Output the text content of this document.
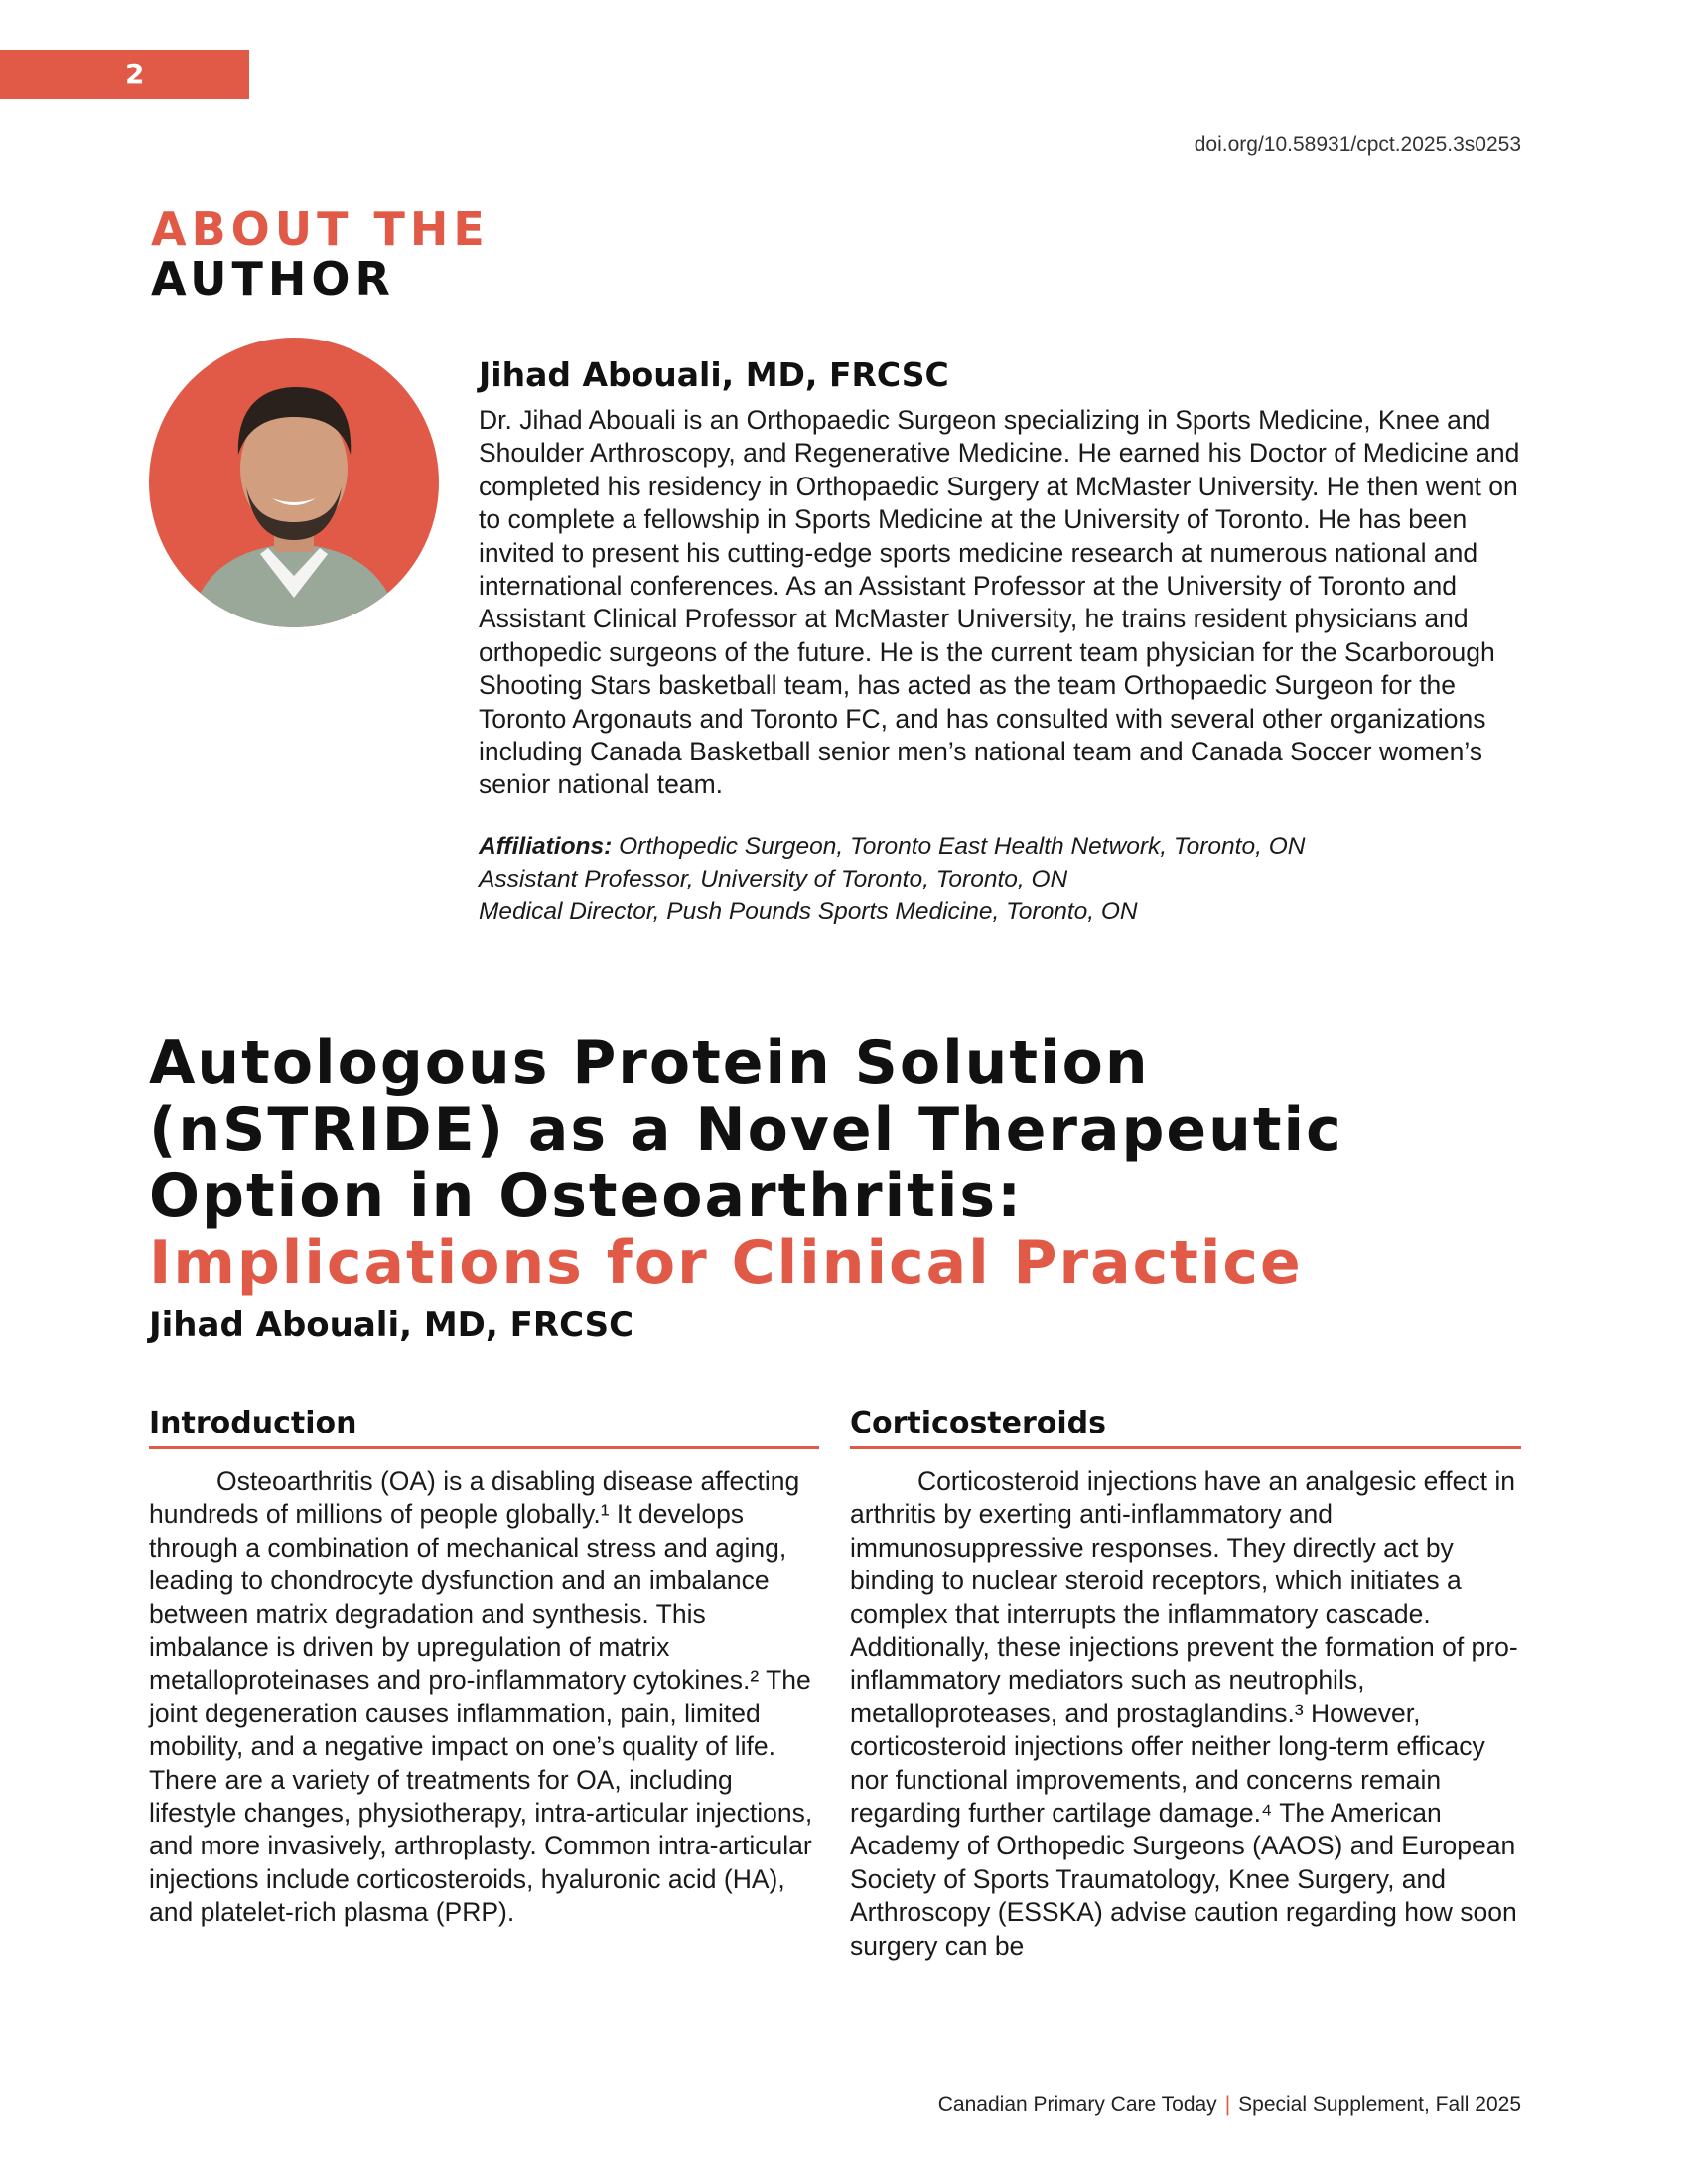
2
doi.org/10.58931/cpct.2025.3s0253
ABOUT THE
AUTHOR
Jihad Abouali, MD, FRCSC

Dr. Jihad Abouali is an Orthopaedic Surgeon specializing in Sports Medicine, Knee and Shoulder Arthroscopy, and Regenerative Medicine. He earned his Doctor of Medicine and completed his residency in Orthopaedic Surgery at McMaster University. He then went on to complete a fellowship in Sports Medicine at the University of Toronto. He has been invited to present his cutting-edge sports medicine research at numerous national and international conferences. As an Assistant Professor at the University of Toronto and Assistant Clinical Professor at McMaster University, he trains resident physicians and orthopedic surgeons of the future. He is the current team physician for the Scarborough Shooting Stars basketball team, has acted as the team Orthopaedic Surgeon for the Toronto Argonauts and Toronto FC, and has consulted with several other organizations including Canada Basketball senior men’s national team and Canada Soccer women’s senior national team.

Affiliations: Orthopedic Surgeon, Toronto East Health Network, Toronto, ON
Assistant Professor, University of Toronto, Toronto, ON
Medical Director, Push Pounds Sports Medicine, Toronto, ON
Autologous Protein Solution
(nSTRIDE) as a Novel Therapeutic
Option in Osteoarthritis:
Implications for Clinical Practice
Jihad Abouali, MD, FRCSC
Introduction

Osteoarthritis (OA) is a disabling disease affecting hundreds of millions of people globally.¹ It develops through a combination of mechanical stress and aging, leading to chondrocyte dysfunction and an imbalance between matrix degradation and synthesis. This imbalance is driven by upregulation of matrix metalloproteinases and pro-inflammatory cytokines.² The joint degeneration causes inflammation, pain, limited mobility, and a negative impact on one’s quality of life. There are a variety of treatments for OA, including lifestyle changes, physiotherapy, intra-articular injections, and more invasively, arthroplasty. Common intra-articular injections include corticosteroids, hyaluronic acid (HA), and platelet-rich plasma (PRP).

Corticosteroids

Corticosteroid injections have an analgesic effect in arthritis by exerting anti-inflammatory and immunosuppressive responses. They directly act by binding to nuclear steroid receptors, which initiates a complex that interrupts the inflammatory cascade. Additionally, these injections prevent the formation of pro-inflammatory mediators such as neutrophils, metalloproteases, and prostaglandins.³ However, corticosteroid injections offer neither long-term efficacy nor functional improvements, and concerns remain regarding further cartilage damage.⁴ The American Academy of Orthopedic Surgeons (AAOS) and European Society of Sports Traumatology, Knee Surgery, and Arthroscopy (ESSKA) advise caution regarding how soon surgery can be

Canadian Primary Care Today | Special Supplement, Fall 2025
